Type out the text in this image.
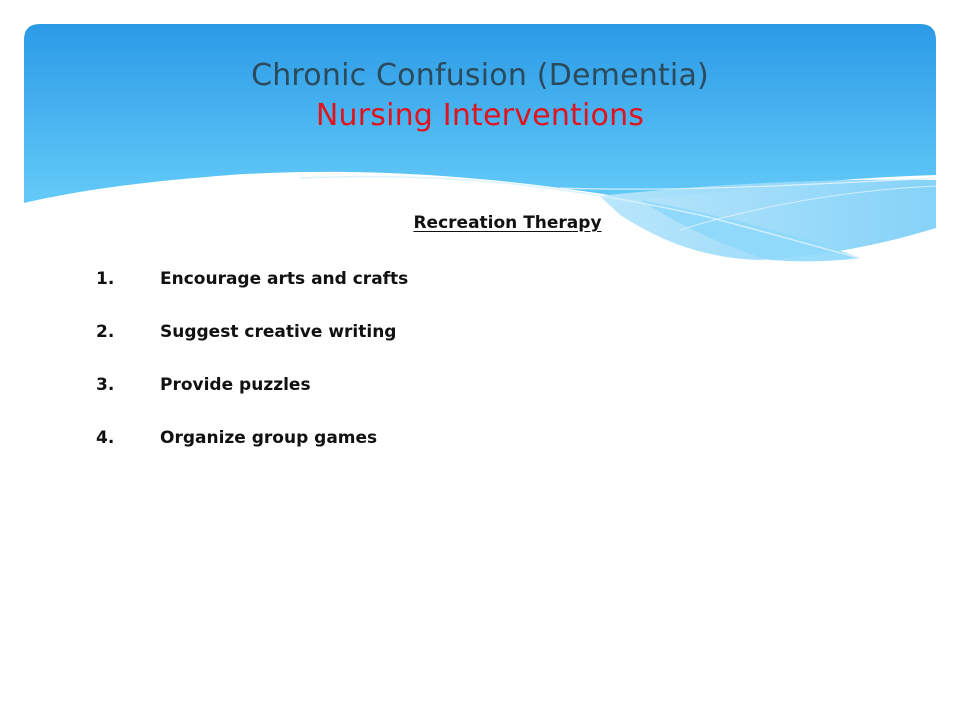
Chronic Confusion (Dementia)
Nursing Interventions
Recreation Therapy
1.	Encourage arts and crafts
2.	Suggest creative writing
3.	Provide puzzles
4.	Organize group games
